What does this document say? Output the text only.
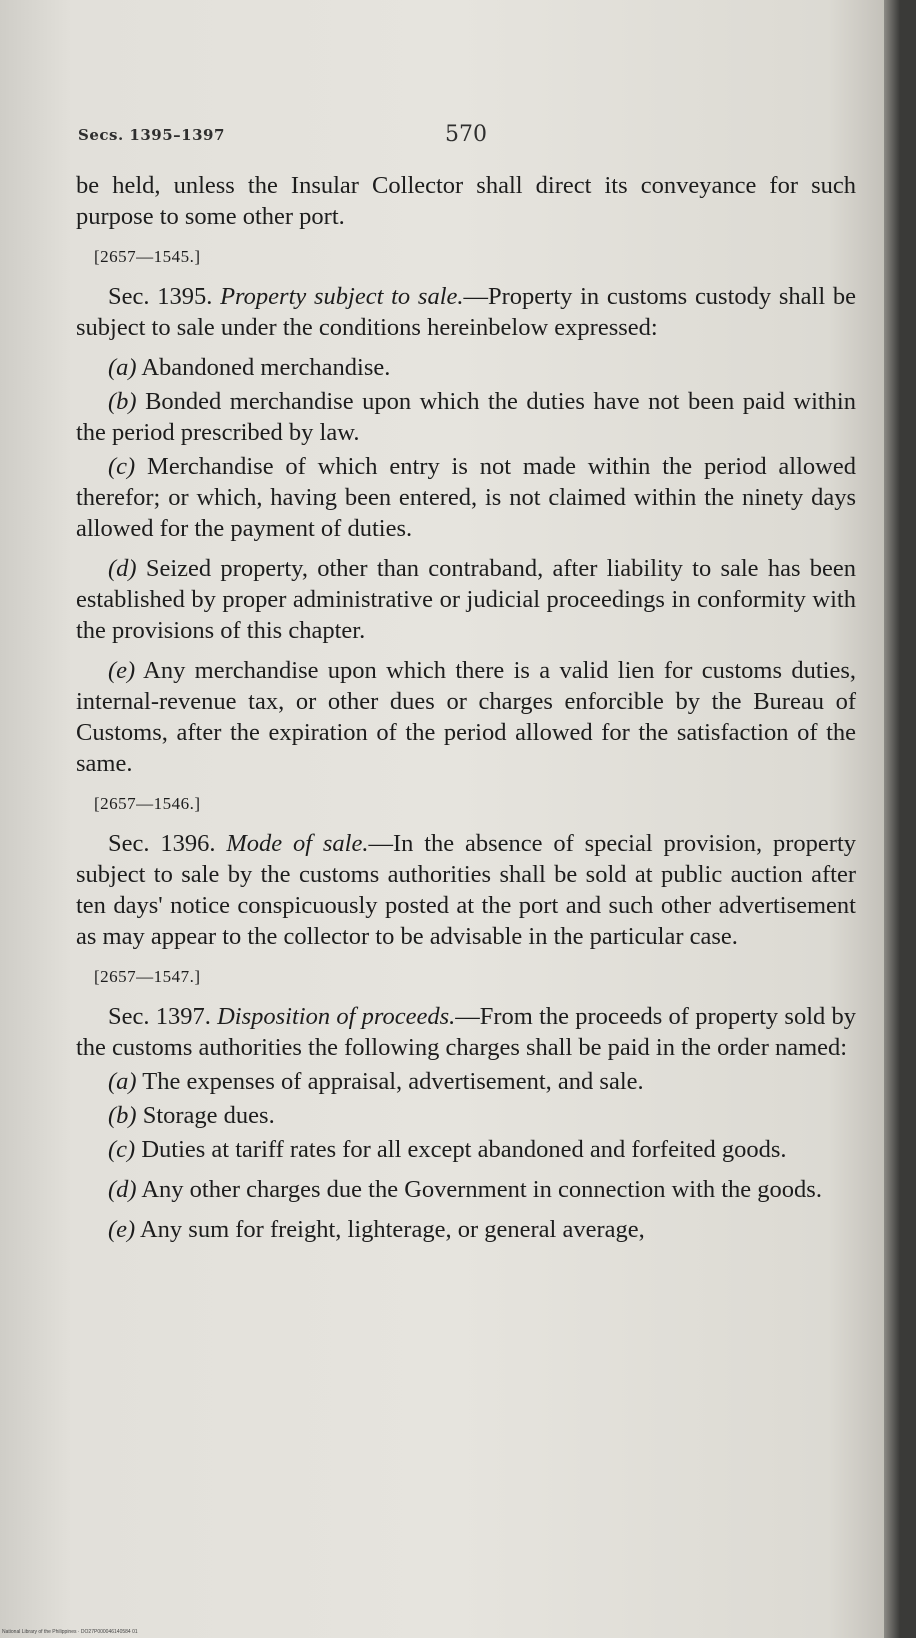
Secs. 1395–1397	570

be held, unless the Insular Collector shall direct its conveyance for such purpose to some other port.

[2657—1545.]

Sec. 1395. Property subject to sale.—Property in customs custody shall be subject to sale under the conditions hereinbelow expressed:

(a) Abandoned merchandise.

(b) Bonded merchandise upon which the duties have not been paid within the period prescribed by law.

(c) Merchandise of which entry is not made within the period allowed therefor; or which, having been entered, is not claimed within the ninety days allowed for the payment of duties.

(d) Seized property, other than contraband, after liability to sale has been established by proper administrative or judicial proceedings in conformity with the provisions of this chapter.

(e) Any merchandise upon which there is a valid lien for customs duties, internal-revenue tax, or other dues or charges enforcible by the Bureau of Customs, after the expiration of the period allowed for the satisfaction of the same.

[2657—1546.]

Sec. 1396. Mode of sale.—In the absence of special provision, property subject to sale by the customs authorities shall be sold at public auction after ten days' notice conspicuously posted at the port and such other advertisement as may appear to the collector to be advisable in the particular case.

[2657—1547.]

Sec. 1397. Disposition of proceeds.—From the proceeds of property sold by the customs authorities the following charges shall be paid in the order named:

(a) The expenses of appraisal, advertisement, and sale.

(b) Storage dues.

(c) Duties at tariff rates for all except abandoned and forfeited goods.

(d) Any other charges due the Government in connection with the goods.

(e) Any sum for freight, lighterage, or general average,

National Library of the Philippines · DO27P000046140584 01
